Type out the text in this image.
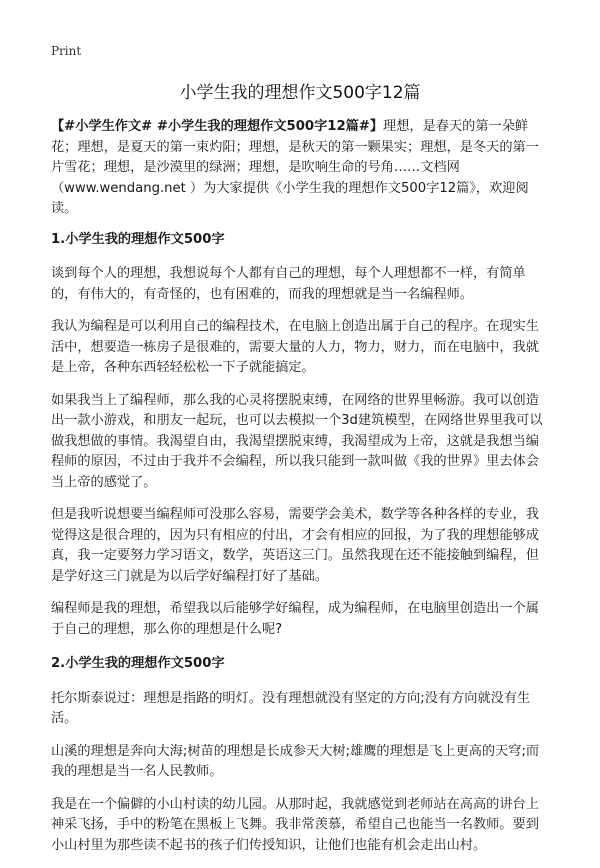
Print
小学生我的理想作文500字12篇

【#小学生作文# #小学生我的理想作文500字12篇#】理想，是春天的第一朵鲜花；理想，是夏天的第一束灼阳；理想，是秋天的第一颗果实；理想，是冬天的第一片雪花；理想，是沙漠里的绿洲；理想，是吹响生命的号角……文档网（www.wendang.net ）为大家提供《小学生我的理想作文500字12篇》，欢迎阅读。

1.小学生我的理想作文500字

谈到每个人的理想，我想说每个人都有自己的理想，每个人理想都不一样，有简单的，有伟大的，有奇怪的，也有困难的，而我的理想就是当一名编程师。

我认为编程是可以利用自己的编程技术，在电脑上创造出属于自己的程序。在现实生活中，想要造一栋房子是很难的，需要大量的人力，物力，财力，而在电脑中，我就是上帝，各种东西轻轻松松一下子就能搞定。

如果我当上了编程师，那么我的心灵将摆脱束缚，在网络的世界里畅游。我可以创造出一款小游戏，和朋友一起玩，也可以去模拟一个3d建筑模型，在网络世界里我可以做我想做的事情。我渴望自由，我渴望摆脱束缚，我渴望成为上帝，这就是我想当编程师的原因，不过由于我并不会编程，所以我只能到一款叫做《我的世界》里去体会当上帝的感觉了。

但是我听说想要当编程师可没那么容易，需要学会美术，数学等各种各样的专业，我觉得这是很合理的，因为只有相应的付出，才会有相应的回报，为了我的理想能够成真，我一定要努力学习语文，数学，英语这三门。虽然我现在还不能接触到编程，但是学好这三门就是为以后学好编程打好了基础。

编程师是我的理想，希望我以后能够学好编程，成为编程师，在电脑里创造出一个属于自己的理想，那么你的理想是什么呢?

2.小学生我的理想作文500字

托尔斯泰说过：理想是指路的明灯。没有理想就没有坚定的方向;没有方向就没有生活。

山溪的理想是奔向大海;树苗的理想是长成参天大树;雄鹰的理想是飞上更高的天穹;而我的理想是当一名人民教师。

我是在一个偏僻的小山村读的幼儿园。从那时起，我就感觉到老师站在高高的讲台上神采飞扬，手中的粉笔在黑板上飞舞。我非常羡慕，希望自己也能当一名教师。要到小山村里为那些读不起书的孩子们传授知识，让他们也能有机会走出山村。
